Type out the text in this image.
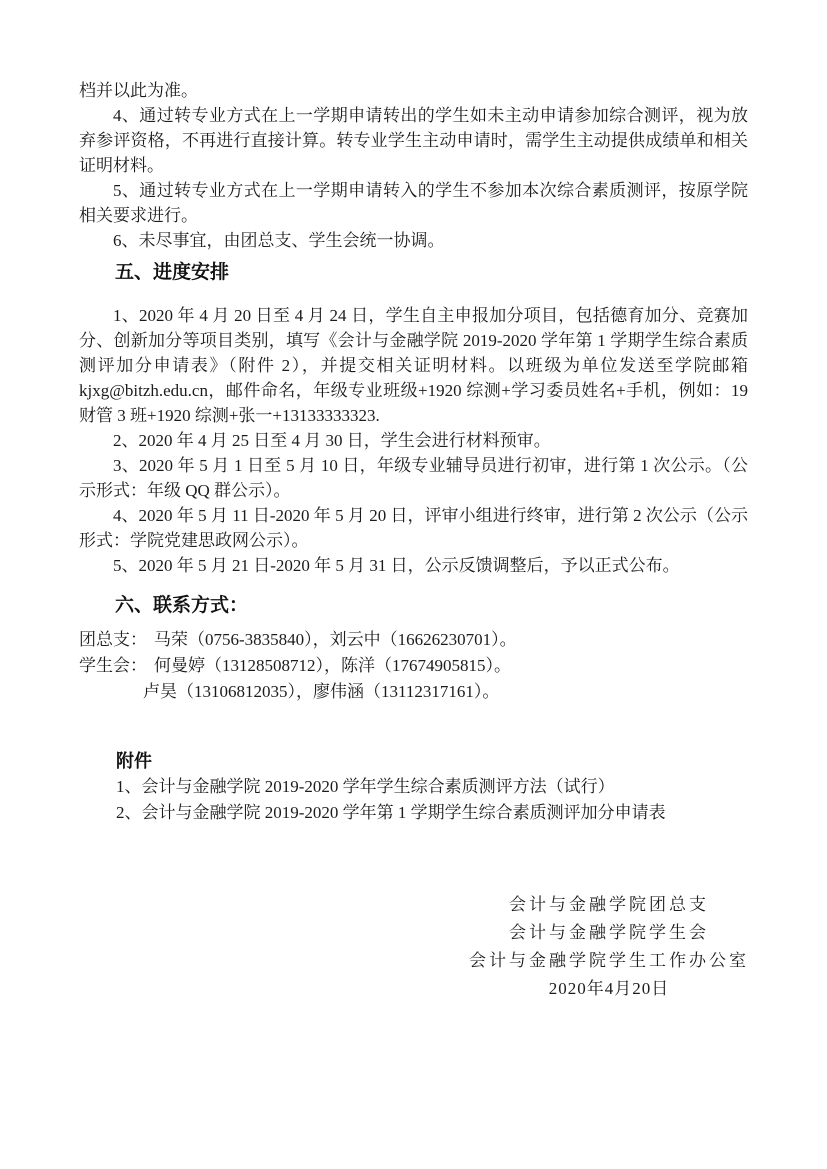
档并以此为准。

4、通过转专业方式在上一学期申请转出的学生如未主动申请参加综合测评，视为放弃参评资格，不再进行直接计算。转专业学生主动申请时，需学生主动提供成绩单和相关证明材料。

5、通过转专业方式在上一学期申请转入的学生不参加本次综合素质测评，按原学院相关要求进行。

6、未尽事宜，由团总支、学生会统一协调。

五、进度安排

1、2020 年 4 月 20 日至 4 月 24 日，学生自主申报加分项目，包括德育加分、竞赛加分、创新加分等项目类别，填写《会计与金融学院 2019-2020 学年第 1 学期学生综合素质测评加分申请表》（附件 2），并提交相关证明材料。以班级为单位发送至学院邮箱 kjxg@bitzh.edu.cn，邮件命名，年级专业班级+1920 综测+学习委员姓名+手机，例如：19 财管 3 班+1920 综测+张一+13133333323.

2、2020 年 4 月 25 日至 4 月 30 日，学生会进行材料预审。

3、2020 年 5 月 1 日至 5 月 10 日，年级专业辅导员进行初审，进行第 1 次公示。（公示形式：年级 QQ 群公示）。

4、2020 年 5 月 11 日-2020 年 5 月 20 日，评审小组进行终审，进行第 2 次公示（公示形式：学院党建思政网公示）。

5、2020 年 5 月 21 日-2020 年 5 月 31 日，公示反馈调整后，予以正式公布。

六、联系方式：

团总支： 马荣（0756-3835840），刘云中（16626230701）。

学生会： 何曼婷（13128508712），陈洋（17674905815）。

卢昊（13106812035），廖伟涵（13112317161）。

附件

1、会计与金融学院 2019-2020 学年学生综合素质测评方法（试行）

2、会计与金融学院 2019-2020 学年第 1 学期学生综合素质测评加分申请表

会计与金融学院团总支

会计与金融学院学生会

会计与金融学院学生工作办公室

2020年4月20日
